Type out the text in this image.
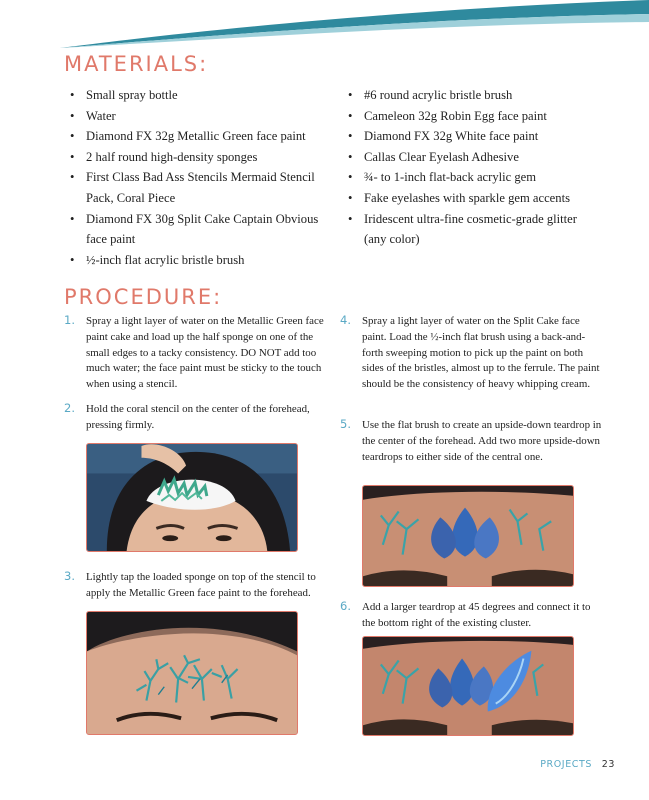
MATERIALS:
• Small spray bottle
• Water
• Diamond FX 32g Metallic Green face paint
• 2 half round high-density sponges
• First Class Bad Ass Stencils Mermaid Stencil Pack, Coral Piece
• Diamond FX 30g Split Cake Captain Obvious face paint
• ½-inch flat acrylic bristle brush
• #6 round acrylic bristle brush
• Cameleon 32g Robin Egg face paint
• Diamond FX 32g White face paint
• Callas Clear Eyelash Adhesive
• ¾- to 1-inch flat-back acrylic gem
• Fake eyelashes with sparkle gem accents
• Iridescent ultra-fine cosmetic-grade glitter (any color)
PROCEDURE:
1.	Spray a light layer of water on the Metallic Green face paint cake and load up the half sponge on one of the small edges to a tacky consistency. DO NOT add too much water; the face paint must be sticky to the touch when using a stencil.
2.	Hold the coral stencil on the center of the forehead, pressing firmly.
3.	Lightly tap the loaded sponge on top of the stencil to apply the Metallic Green face paint to the forehead.
4.	Spray a light layer of water on the Split Cake face paint. Load the ½-inch flat brush using a back-and-forth sweeping motion to pick up the paint on both sides of the bristles, almost up to the ferrule. The paint should be the consistency of heavy whipping cream.
5.	Use the flat brush to create an upside-down teardrop in the center of the forehead. Add two more upside-down teardrops to either side of the central one.
6.	Add a larger teardrop at 45 degrees and connect it to the bottom right of the existing cluster.
PROJECTS 23
